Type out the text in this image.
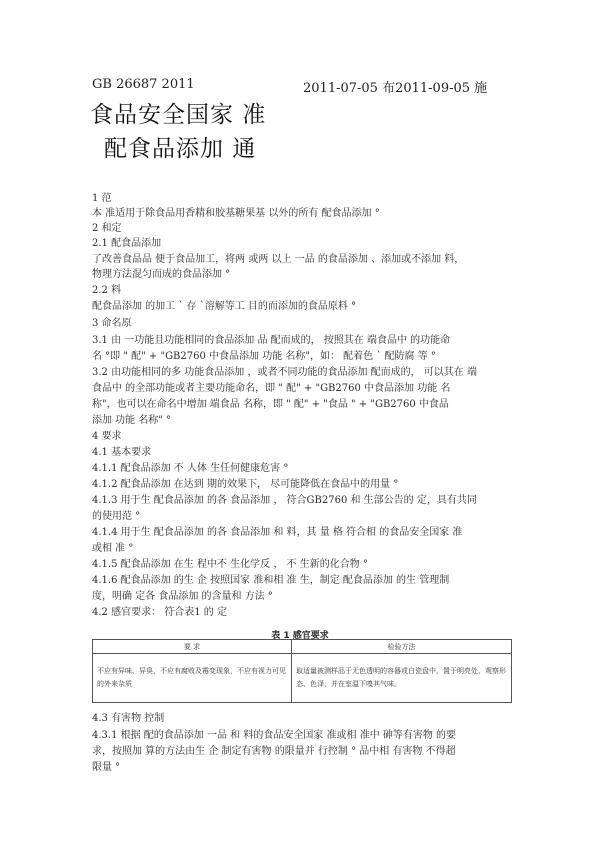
GB 26687 2011	2011-07-05 布2011-09-05 施
食品安全国家 准
配食品添加 通
1 范
本 准适用于除食品用香精和胶基糖果基 以外的所有 配食品添加 °
2 和定
2.1 配食品添加
了改善食品品 便于食品加工，将两 或两 以上 一品 的食品添加 、添加或不添加 料，
物理方法混匀而成的食品添加 °
2.2 料
配食品添加 的加工 ` 存 `溶解等工 目的而添加的食品原料 °
3 命名原
3.1 由 一功能且功能相同的食品添加 品 配而成的， 按照其在 端食品中 的功能命
名 °即 " 配" + "GB2760 中食品添加 功能 名称"，如： 配着色 ` 配防腐 等 °
3.2 由功能相同的多 功能食品添加 ，或者不同功能的食品添加 配而成的， 可以其在 端
食品中 的全部功能或者主要功能命名，即 " 配" + "GB2760 中食品添加 功能 名
称"，也可以在命名中增加 端食品 名称，即 " 配" + "食品 " + "GB2760 中食品
添加 功能 名称" °
4 要求
4.1 基本要求
4.1.1 配食品添加 不 人体 生任何健康危害 °
4.1.2 配食品添加 在达到 期的效果下， 尽可能降低在食品中的用量 °
4.1.3 用于生 配食品添加 的各 食品添加 ， 符合GB2760 和 生部公告的 定，具有共同
的使用范 °
4.1.4 用于生 配食品添加 的各 食品添加 和 料，其 量 格 符合相 的食品安全国家 准
或相 准 °
4.1.5 配食品添加 在生 程中不 生化学反 ， 不 生新的化合物 °
4.1.6 配食品添加 的生 企 按照国家 准和相 准 生，制定 配食品添加 的生 管理制
度，明确 定各 食品添加 的含量和 方法 °
4.2 感官要求： 符合表1 的 定
表 1 感官要求
要 求	检验方法
不应有异味、异臭，不应有腐败及霉变现象，不应有视力可见的外来杂质	取适量被测样品于无色透明的容器或白瓷盘中，置于明亮处，观察形态、色泽，并在室温下嗅其气味。
4.3 有害物 控制
4.3.1 根据 配的食品添加 一品 和 料的食品安全国家 准或相 准中 砷等有害物 的要
求，按照加 算的方法由生 企 制定有害物 的限量并 行控制 ° 品中相 有害物 不得超
限量 °
